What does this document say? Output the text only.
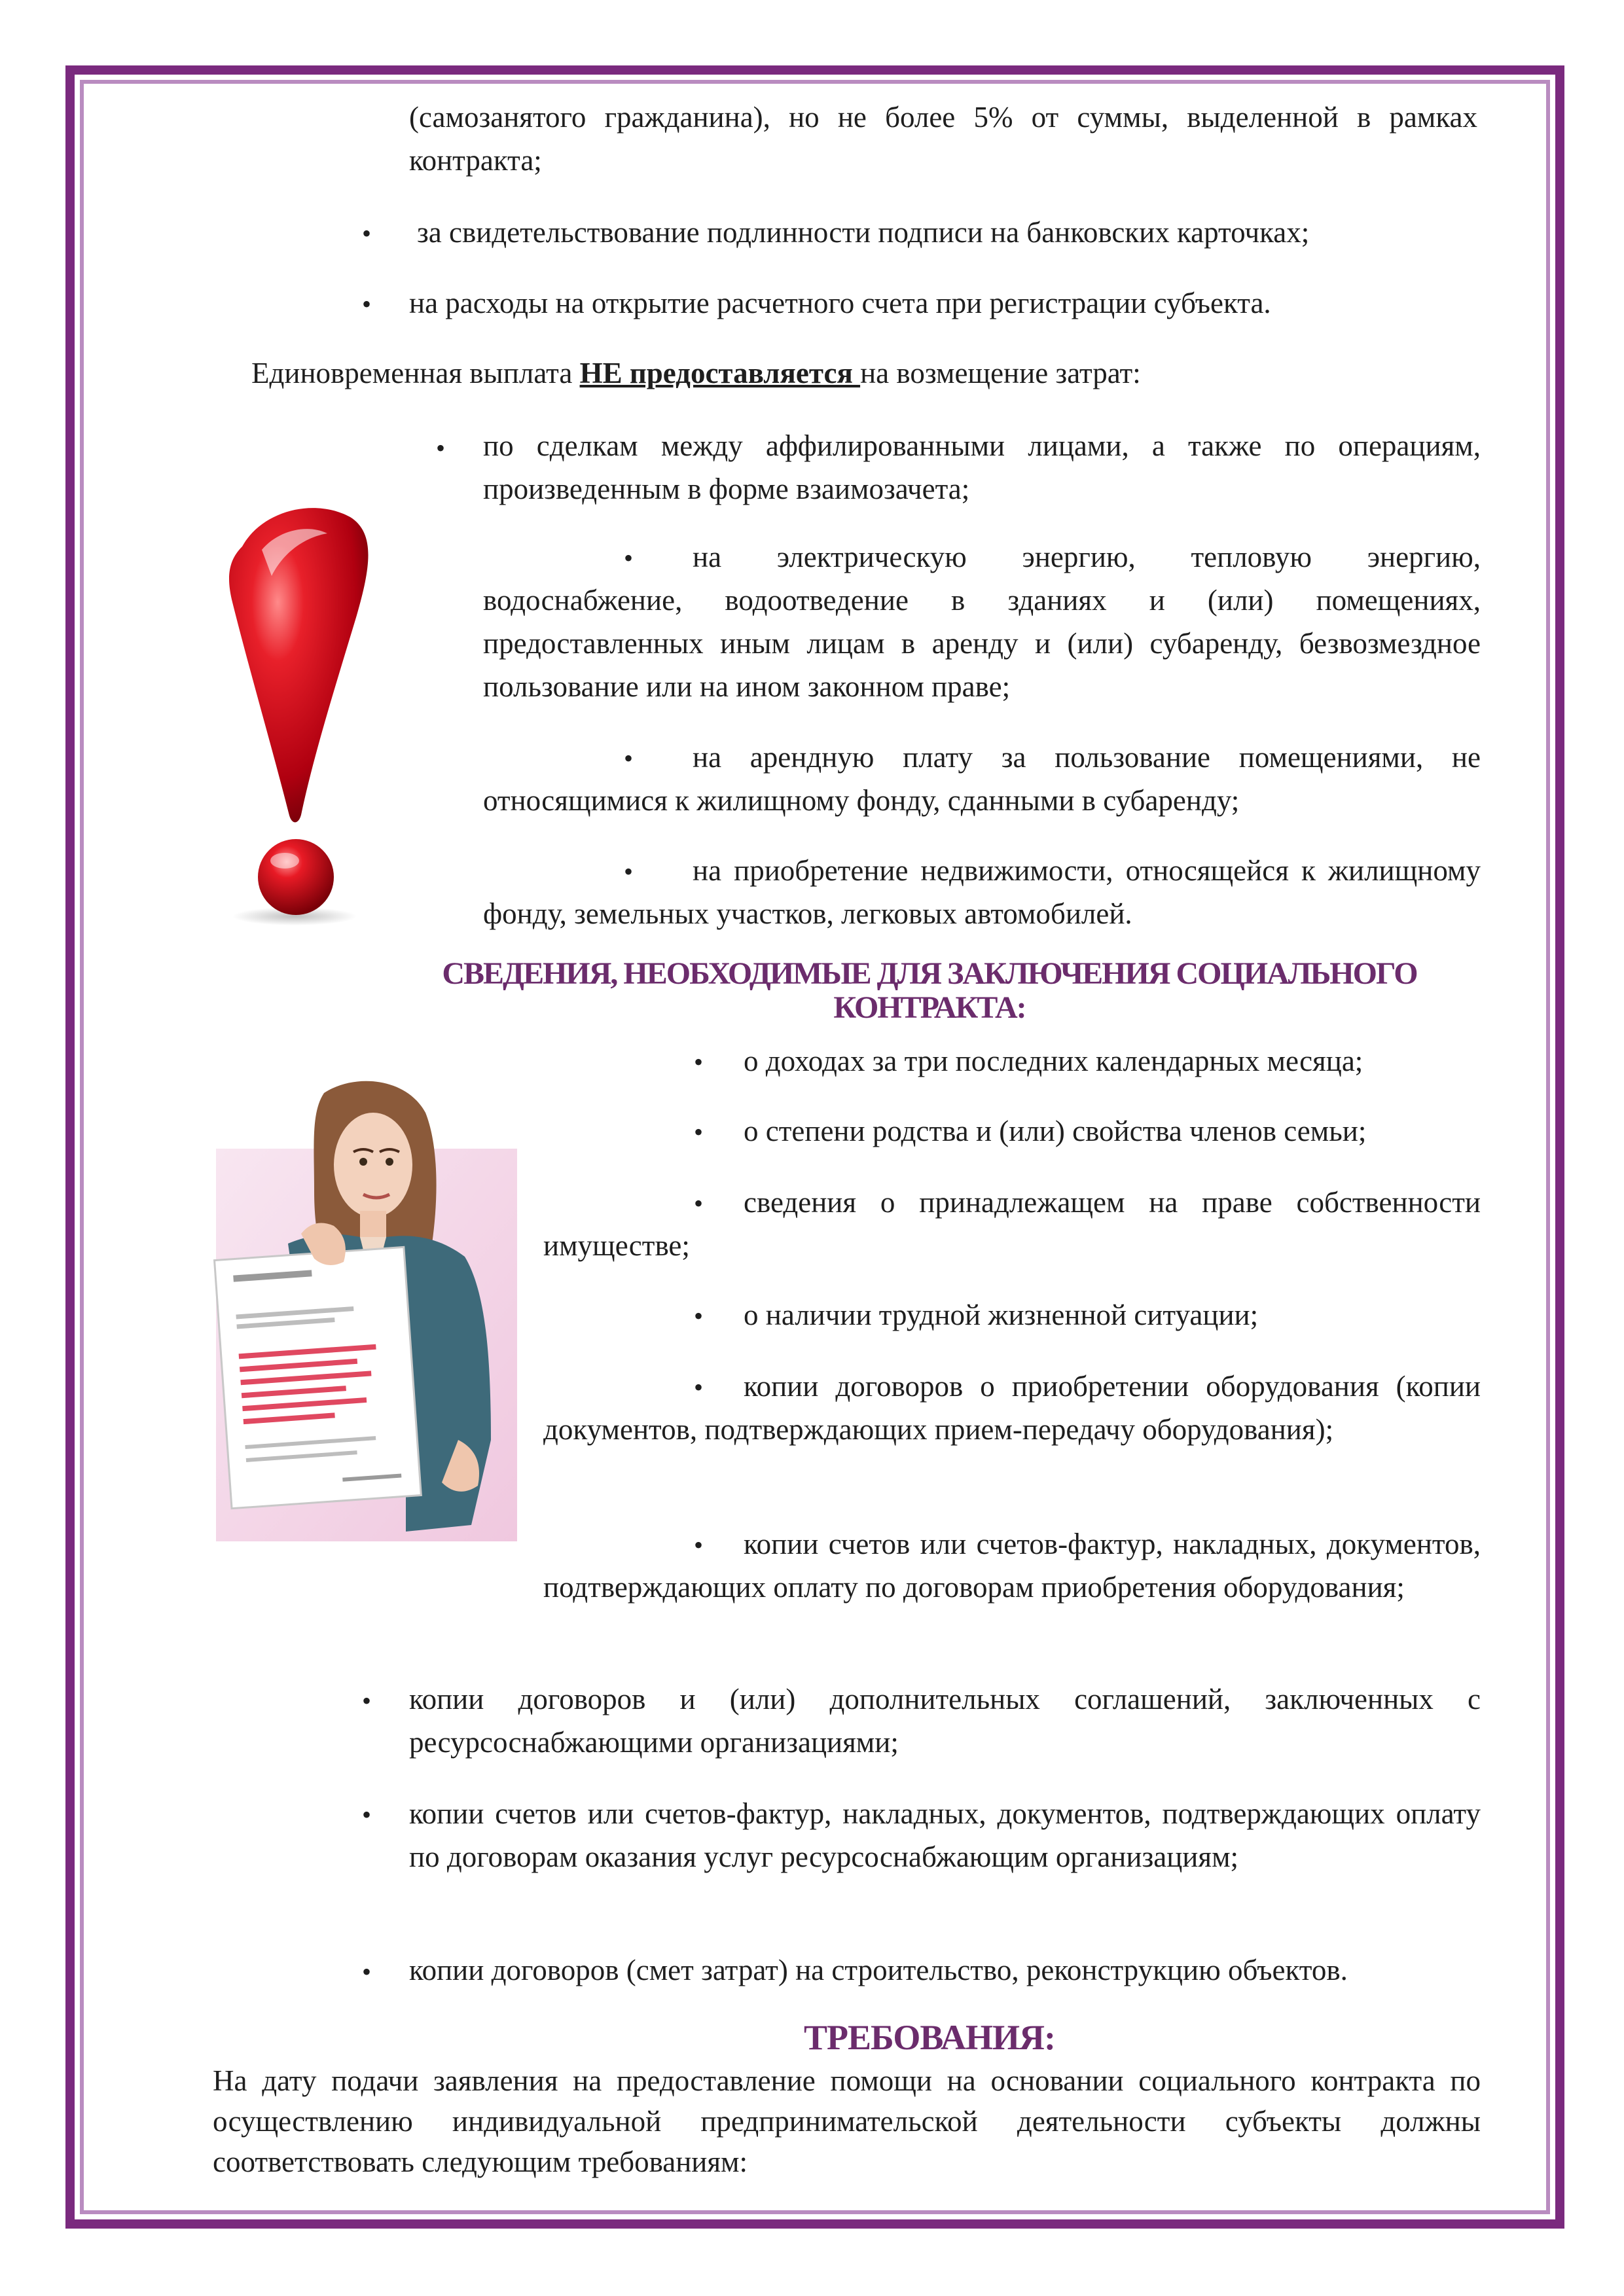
(самозанятого гражданина), но не более 5% от суммы, выделенной в рамках контракта;

• за свидетельствование подлинности подписи на банковских карточках;

• на расходы на открытие расчетного счета при регистрации субъекта.

Единовременная выплата НЕ предоставляется на возмещение затрат:

• по сделкам между аффилированными лицами, а также по операциям, произведенным в форме взаимозачета;

• на электрическую энергию, тепловую энергию, водоснабжение, водоотведение в зданиях и (или) помещениях, предоставленных иным лицам в аренду и (или) субаренду, безвозмездное пользование или на ином законном праве;

• на арендную плату за пользование помещениями, не относящимися к жилищному фонду, сданными в субаренду;

• на приобретение недвижимости, относящейся к жилищному фонду, земельных участков, легковых автомобилей.

СВЕДЕНИЯ, НЕОБХОДИМЫЕ ДЛЯ ЗАКЛЮЧЕНИЯ СОЦИАЛЬНОГО
КОНТРАКТА:

• о доходах за три последних календарных месяца;

• о степени родства и (или) свойства членов семьи;

• сведения о принадлежащем на праве собственности имуществе;

• о наличии трудной жизненной ситуации;

• копии договоров о приобретении оборудования (копии документов, подтверждающих прием-передачу оборудования);

• копии счетов или счетов-фактур, накладных, документов, подтверждающих оплату по договорам приобретения оборудования;

• копии договоров и (или) дополнительных соглашений, заключенных с ресурсоснабжающими организациями;

• копии счетов или счетов-фактур, накладных, документов, подтверждающих оплату по договорам оказания услуг ресурсоснабжающим организациям;

• копии договоров (смет затрат) на строительство, реконструкцию объектов.

ТРЕБОВАНИЯ:

На дату подачи заявления на предоставление помощи на основании социального контракта по осуществлению индивидуальной предпринимательской деятельности субъекты должны соответствовать следующим требованиям:
